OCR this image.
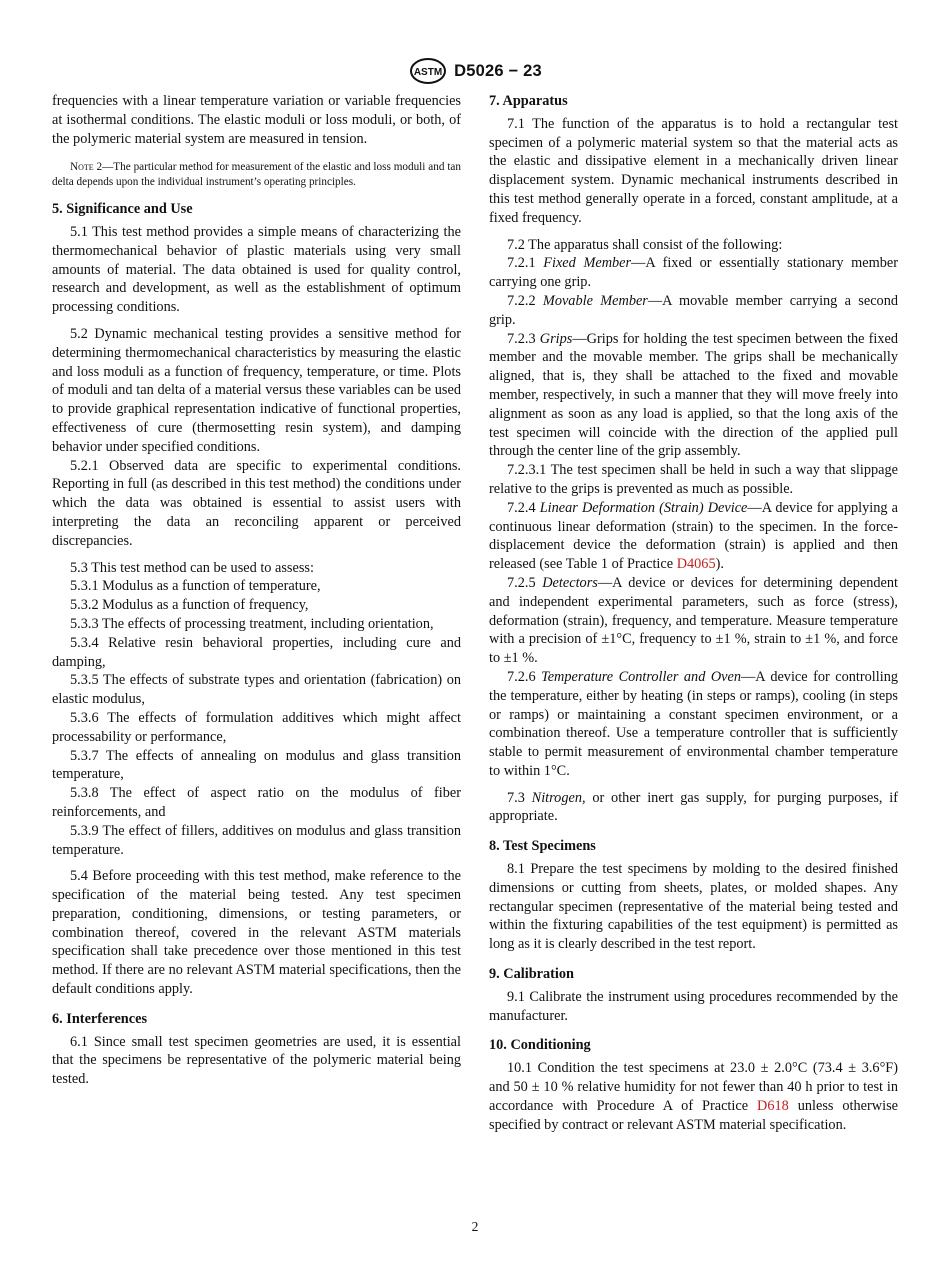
ASTM D5026 − 23

frequencies with a linear temperature variation or variable frequencies at isothermal conditions. The elastic moduli or loss moduli, or both, of the polymeric material system are measured in tension.

Note 2—The particular method for measurement of the elastic and loss moduli and tan delta depends upon the individual instrument’s operating principles.

5. Significance and Use

5.1 This test method provides a simple means of characterizing the thermomechanical behavior of plastic materials using very small amounts of material. The data obtained is used for quality control, research and development, as well as the establishment of optimum processing conditions.

5.2 Dynamic mechanical testing provides a sensitive method for determining thermomechanical characteristics by measuring the elastic and loss moduli as a function of frequency, temperature, or time. Plots of moduli and tan delta of a material versus these variables can be used to provide graphical representation indicative of functional properties, effectiveness of cure (thermosetting resin system), and damping behavior under specified conditions.

5.2.1 Observed data are specific to experimental conditions. Reporting in full (as described in this test method) the conditions under which the data was obtained is essential to assist users with interpreting the data an reconciling apparent or perceived discrepancies.

5.3 This test method can be used to assess:

5.3.1 Modulus as a function of temperature,

5.3.2 Modulus as a function of frequency,

5.3.3 The effects of processing treatment, including orientation,

5.3.4 Relative resin behavioral properties, including cure and damping,

5.3.5 The effects of substrate types and orientation (fabrication) on elastic modulus,

5.3.6 The effects of formulation additives which might affect processability or performance,

5.3.7 The effects of annealing on modulus and glass transition temperature,

5.3.8 The effect of aspect ratio on the modulus of fiber reinforcements, and

5.3.9 The effect of fillers, additives on modulus and glass transition temperature.

5.4 Before proceeding with this test method, make reference to the specification of the material being tested. Any test specimen preparation, conditioning, dimensions, or testing parameters, or combination thereof, covered in the relevant ASTM materials specification shall take precedence over those mentioned in this test method. If there are no relevant ASTM material specifications, then the default conditions apply.

6. Interferences

6.1 Since small test specimen geometries are used, it is essential that the specimens be representative of the polymeric material being tested.

7. Apparatus

7.1 The function of the apparatus is to hold a rectangular test specimen of a polymeric material system so that the material acts as the elastic and dissipative element in a mechanically driven linear displacement system. Dynamic mechanical instruments described in this test method generally operate in a forced, constant amplitude, at a fixed frequency.

7.2 The apparatus shall consist of the following:

7.2.1 Fixed Member—A fixed or essentially stationary member carrying one grip.

7.2.2 Movable Member—A movable member carrying a second grip.

7.2.3 Grips—Grips for holding the test specimen between the fixed member and the movable member. The grips shall be mechanically aligned, that is, they shall be attached to the fixed and movable member, respectively, in such a manner that they will move freely into alignment as soon as any load is applied, so that the long axis of the test specimen will coincide with the direction of the applied pull through the center line of the grip assembly.

7.2.3.1 The test specimen shall be held in such a way that slippage relative to the grips is prevented as much as possible.

7.2.4 Linear Deformation (Strain) Device—A device for applying a continuous linear deformation (strain) to the specimen. In the force-displacement device the deformation (strain) is applied and then released (see Table 1 of Practice D4065).

7.2.5 Detectors—A device or devices for determining dependent and independent experimental parameters, such as force (stress), deformation (strain), frequency, and temperature. Measure temperature with a precision of ±1°C, frequency to ±1 %, strain to ±1 %, and force to ±1 %.

7.2.6 Temperature Controller and Oven—A device for controlling the temperature, either by heating (in steps or ramps), cooling (in steps or ramps) or maintaining a constant specimen environment, or a combination thereof. Use a temperature controller that is sufficiently stable to permit measurement of environmental chamber temperature to within 1°C.

7.3 Nitrogen, or other inert gas supply, for purging purposes, if appropriate.

8. Test Specimens

8.1 Prepare the test specimens by molding to the desired finished dimensions or cutting from sheets, plates, or molded shapes. Any rectangular specimen (representative of the material being tested and within the fixturing capabilities of the test equipment) is permitted as long as it is clearly described in the test report.

9. Calibration

9.1 Calibrate the instrument using procedures recommended by the manufacturer.

10. Conditioning

10.1 Condition the test specimens at 23.0 ± 2.0°C (73.4 ± 3.6°F) and 50 ± 10 % relative humidity for not fewer than 40 h prior to test in accordance with Procedure A of Practice D618 unless otherwise specified by contract or relevant ASTM material specification.

2
